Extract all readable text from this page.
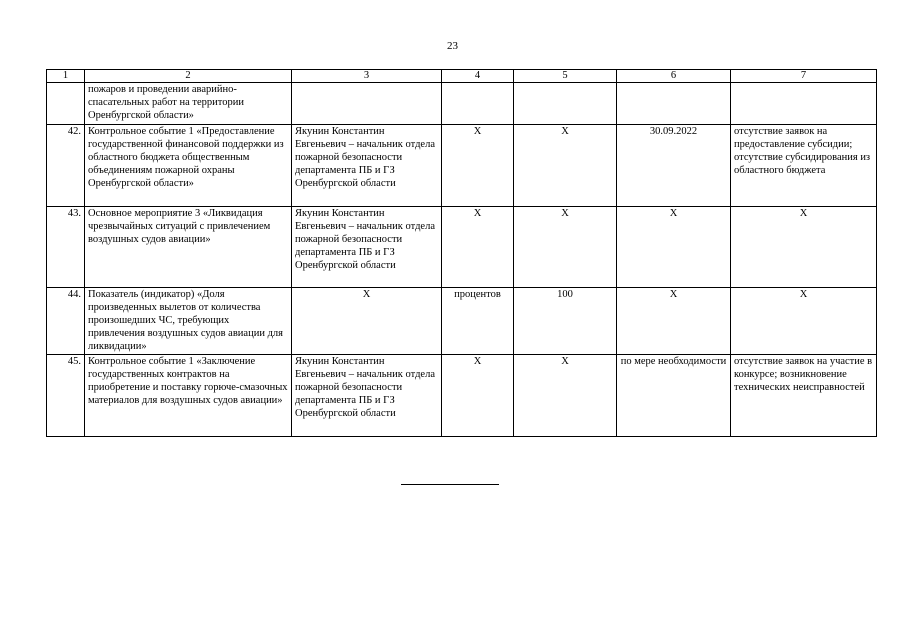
23
1	2	3	4	5	6	7
	пожаров и проведении аварийно-спасательных работ на территории Оренбургской области»					
42.	Контрольное событие 1 «Предоставление государственной финансовой поддержки из областного бюджета общественным объединениям пожарной охраны Оренбургской области»	Якунин Константин Евгеньевич – начальник отдела пожарной безопасности департамента ПБ и ГЗ Оренбургской области	X	X	30.09.2022	отсутствие заявок на предоставление субсидии; отсутствие субсидирования из областного бюджета
43.	Основное мероприятие 3 «Ликвидация чрезвычайных ситуаций с привлечением воздушных судов авиации»	Якунин Константин Евгеньевич – начальник отдела пожарной безопасности департамента ПБ и ГЗ Оренбургской области	X	X	X	X
44.	Показатель (индикатор) «Доля произведенных вылетов от количества произошедших ЧС, требующих привлечения воздушных судов авиации для ликвидации»	X	процентов	100	X	X
45.	Контрольное событие 1 «Заключение государственных контрактов на приобретение и поставку горюче-смазочных материалов для воздушных судов авиации»	Якунин Константин Евгеньевич – начальник отдела пожарной безопасности департамента ПБ и ГЗ Оренбургской области	X	X	по мере необходимости	отсутствие заявок на участие в конкурсе; возникновение технических неисправностей
